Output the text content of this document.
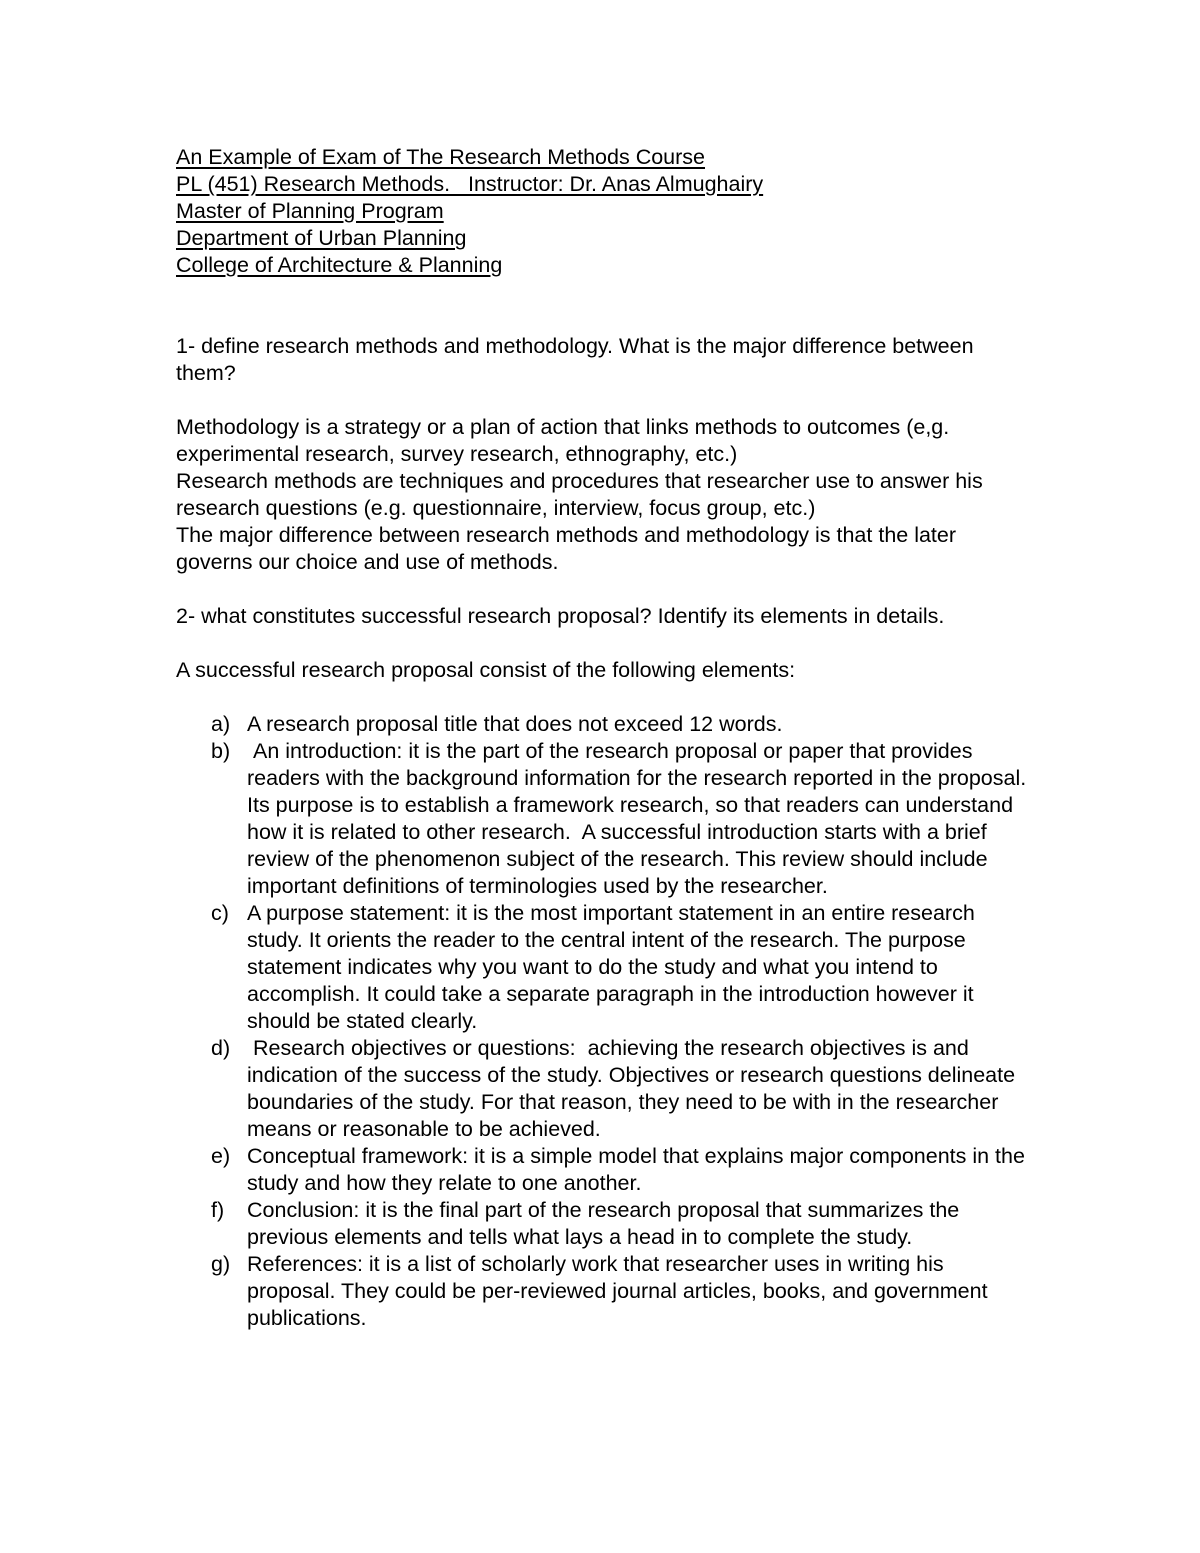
An Example of Exam of The Research Methods Course
PL (451) Research Methods.   Instructor: Dr. Anas Almughairy
Master of Planning Program
Department of Urban Planning
College of Architecture & Planning

1- define research methods and methodology. What is the major difference between them?

Methodology is a strategy or a plan of action that links methods to outcomes (e,g. experimental research, survey research, ethnography, etc.)

Research methods are techniques and procedures that researcher use to answer his research questions (e.g. questionnaire, interview, focus group, etc.)

The major difference between research methods and methodology is that the later governs our choice and use of methods.

2- what constitutes successful research proposal? Identify its elements in details.

A successful research proposal consist of the following elements:

a) A research proposal title that does not exceed 12 words.
b) An introduction: it is the part of the research proposal or paper that provides readers with the background information for the research reported in the proposal. Its purpose is to establish a framework research, so that readers can understand how it is related to other research.  A successful introduction starts with a brief review of the phenomenon subject of the research. This review should include important definitions of terminologies used by the researcher.
c) A purpose statement: it is the most important statement in an entire research study. It orients the reader to the central intent of the research. The purpose statement indicates why you want to do the study and what you intend to accomplish. It could take a separate paragraph in the introduction however it should be stated clearly.
d) Research objectives or questions:  achieving the research objectives is and indication of the success of the study. Objectives or research questions delineate boundaries of the study. For that reason, they need to be with in the researcher means or reasonable to be achieved.
e) Conceptual framework: it is a simple model that explains major components in the study and how they relate to one another.
f) Conclusion: it is the final part of the research proposal that summarizes the previous elements and tells what lays a head in to complete the study.
g) References: it is a list of scholarly work that researcher uses in writing his proposal. They could be per-reviewed journal articles, books, and government publications.
